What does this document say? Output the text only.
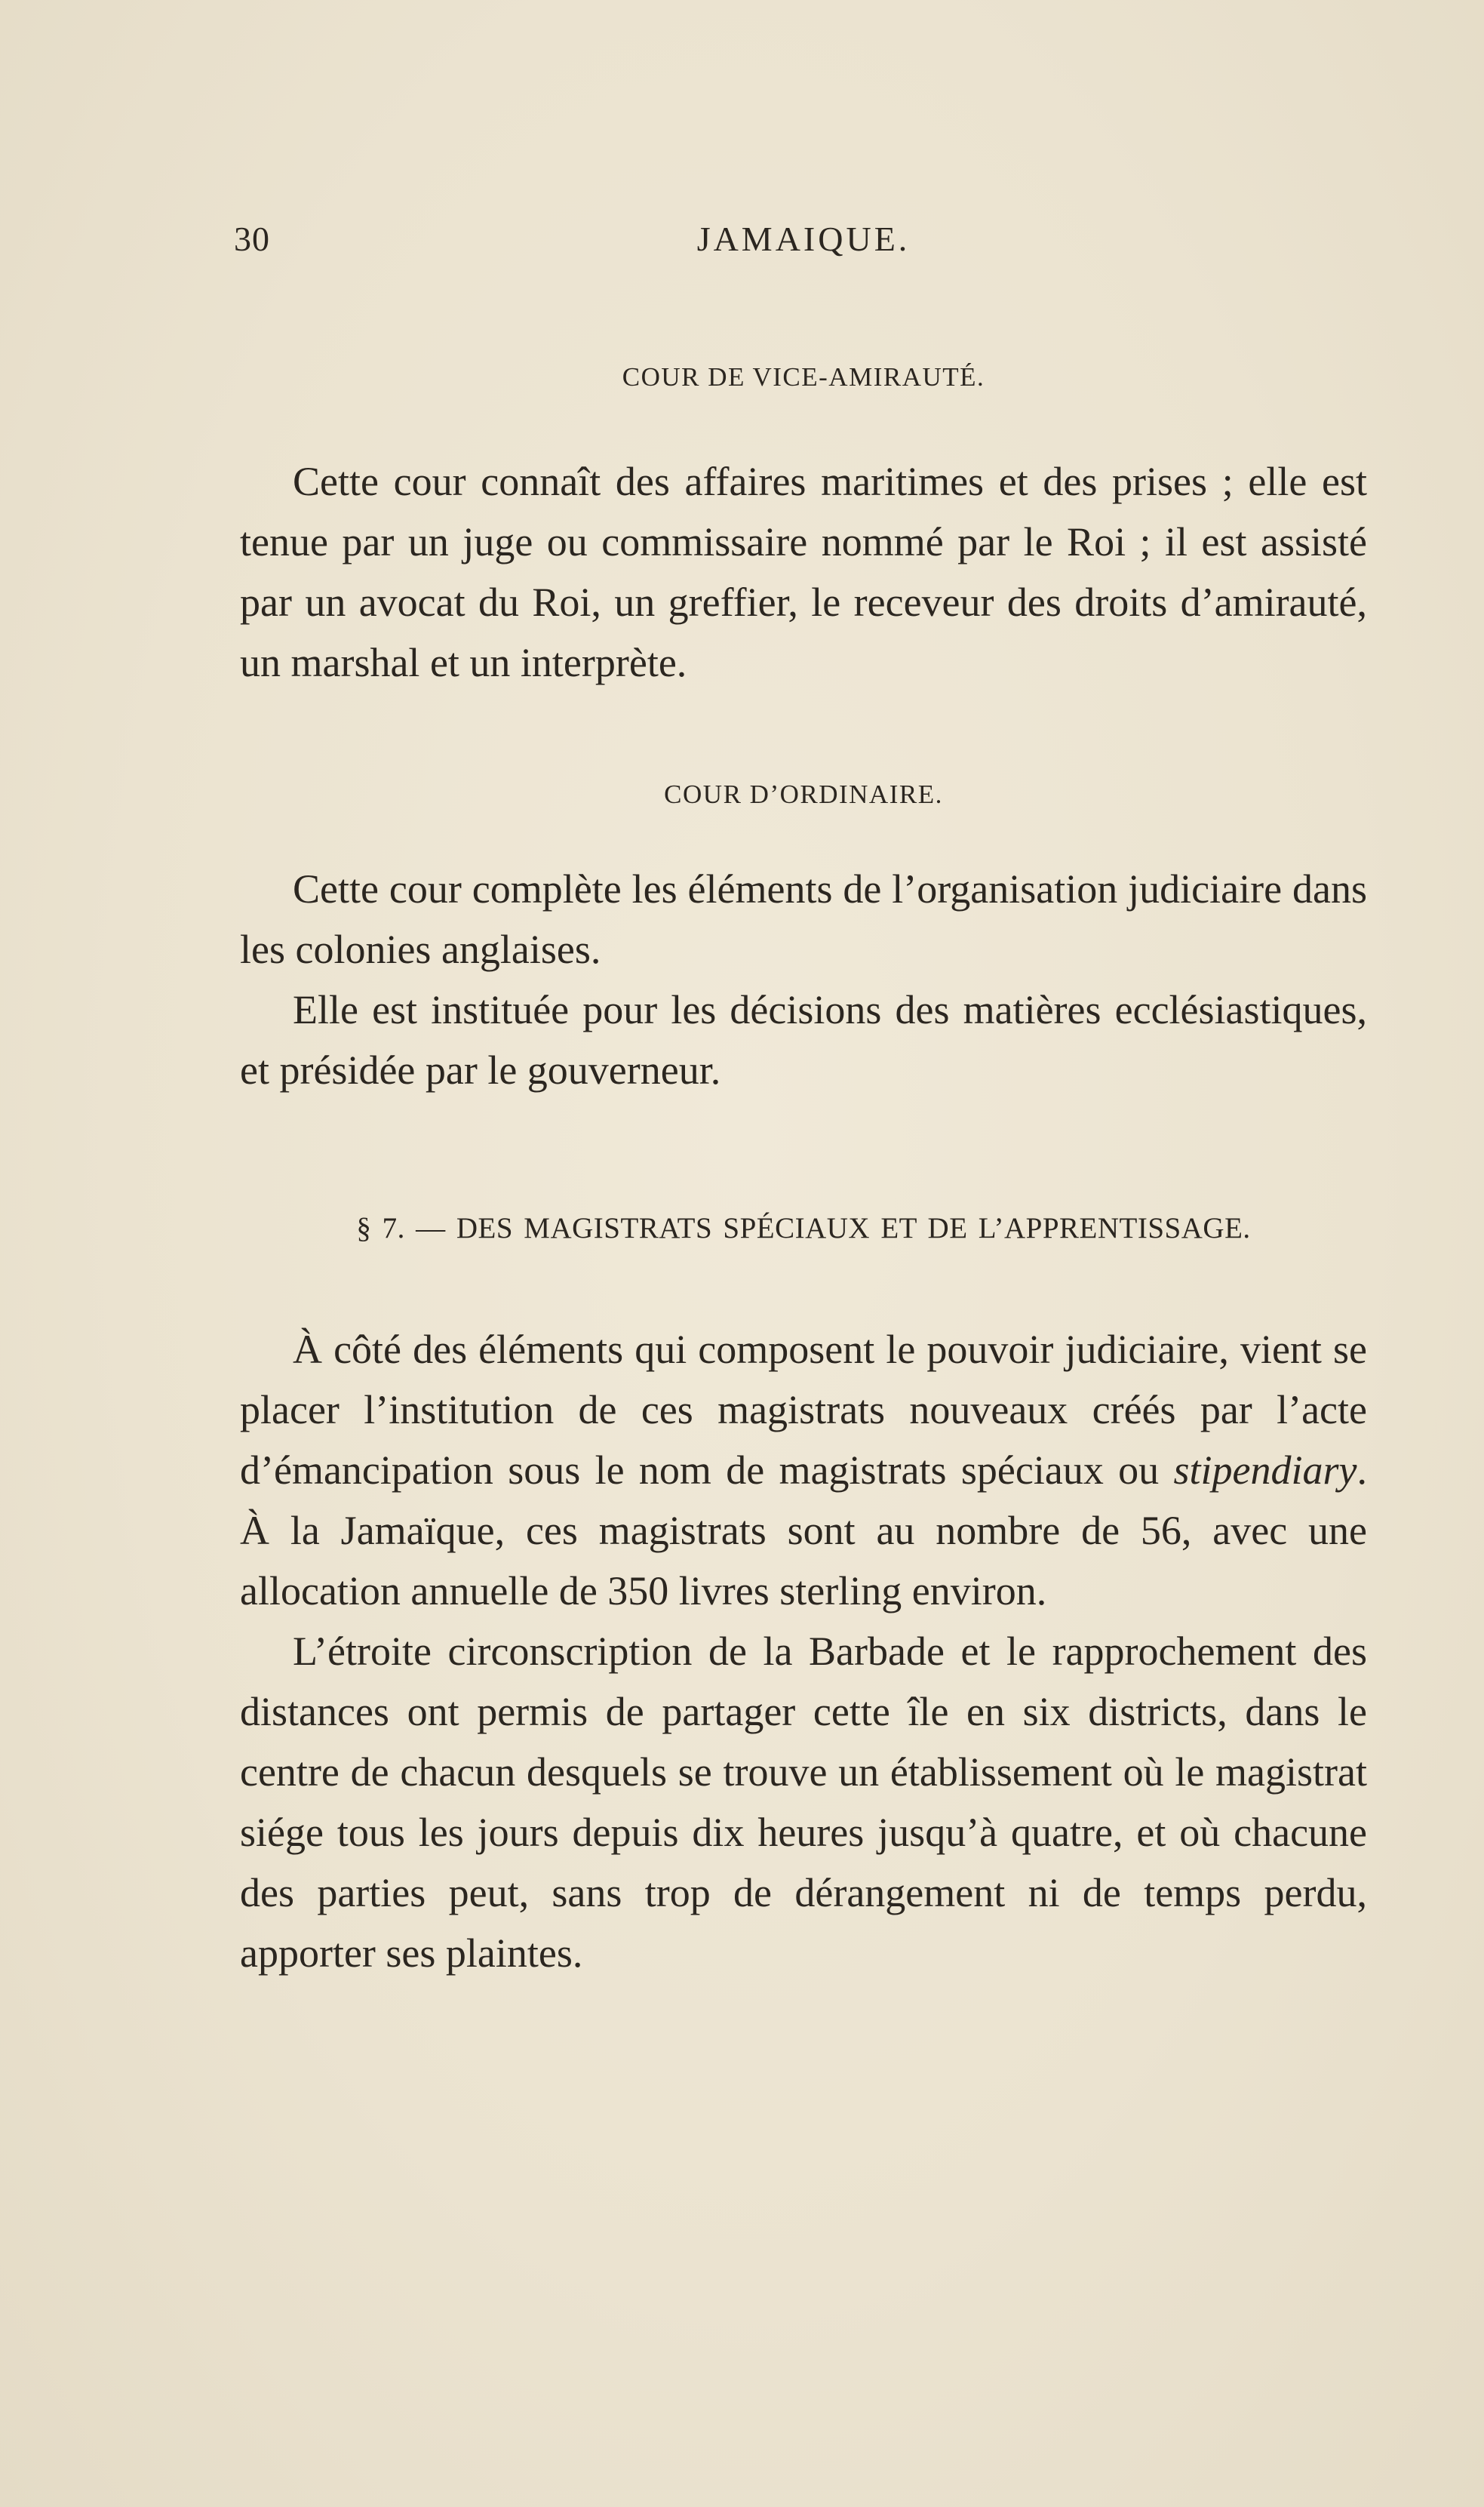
30	JAMAIQUE.
COUR DE VICE-AMIRAUTÉ.

Cette cour connaît des affaires maritimes et des prises ; elle est tenue par un juge ou commissaire nommé par le Roi ; il est assisté par un avocat du Roi, un greffier, le receveur des droits d’amirauté, un marshal et un interprète.

COUR D’ORDINAIRE.

Cette cour complète les éléments de l’organisation judiciaire dans les colonies anglaises.

Elle est instituée pour les décisions des matières ecclésiastiques, et présidée par le gouverneur.

§ 7. — DES MAGISTRATS SPÉCIAUX ET DE L’APPRENTISSAGE.

À côté des éléments qui composent le pouvoir judiciaire, vient se placer l’institution de ces magistrats nouveaux créés par l’acte d’émancipation sous le nom de magistrats spéciaux ou stipendiary. À la Jamaïque, ces magistrats sont au nombre de 56, avec une allocation annuelle de 350 livres sterling environ.

L’étroite circonscription de la Barbade et le rapprochement des distances ont permis de partager cette île en six districts, dans le centre de chacun desquels se trouve un établissement où le magistrat siége tous les jours depuis dix heures jusqu’à quatre, et où chacune des parties peut, sans trop de dérangement ni de temps perdu, apporter ses plaintes.
